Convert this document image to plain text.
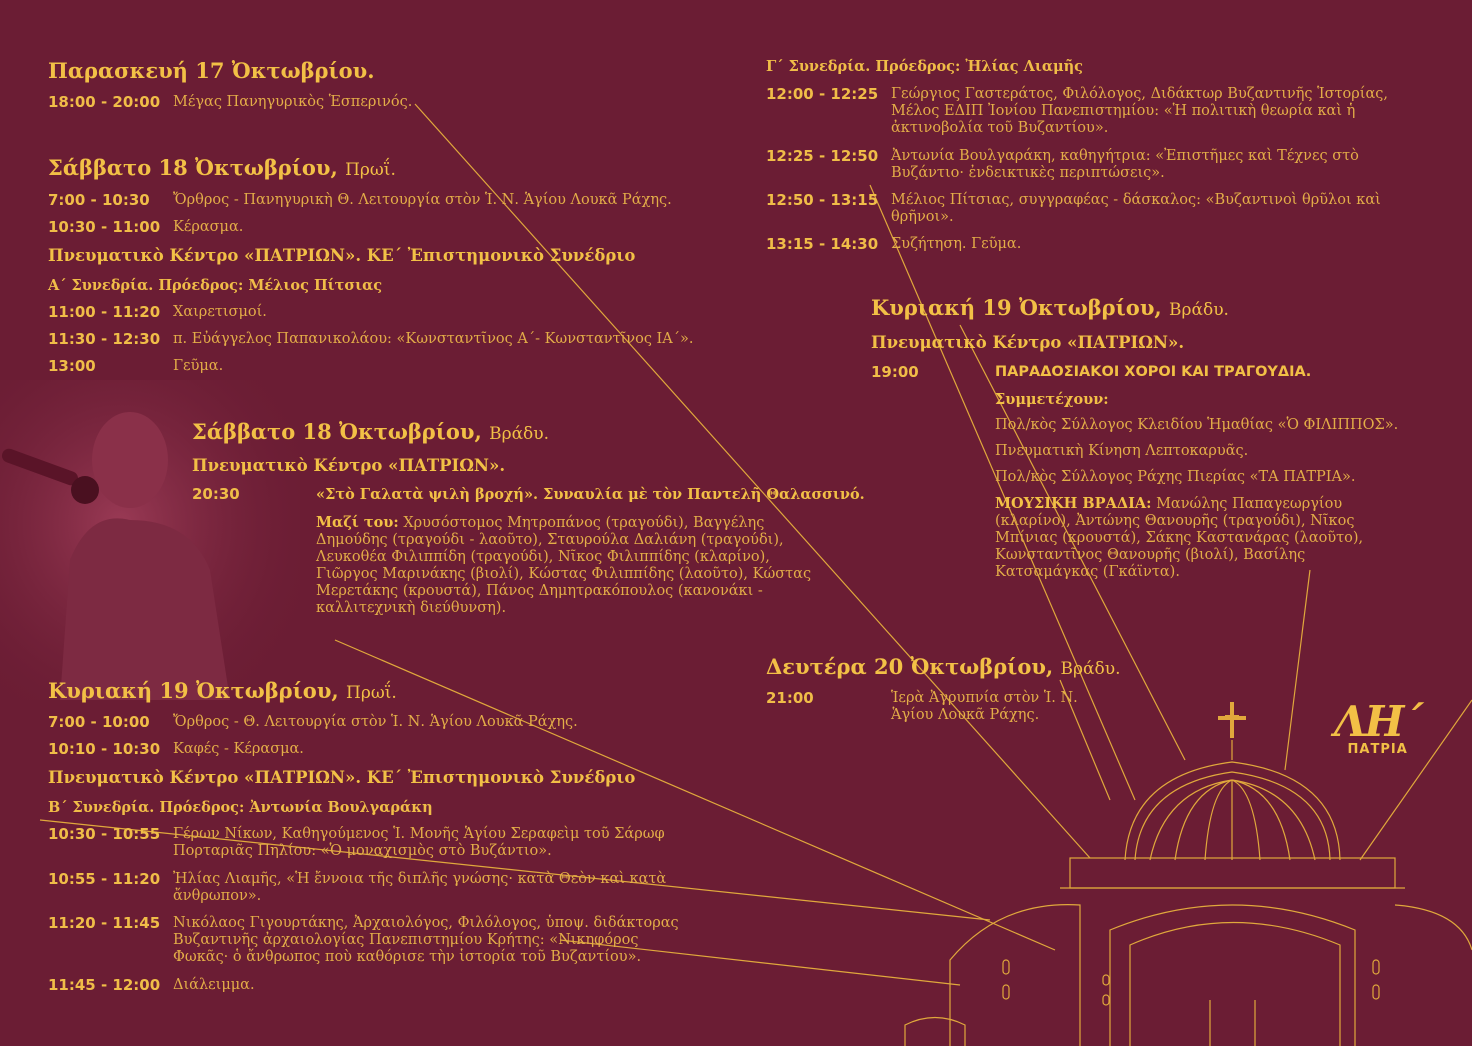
Παρασκευή 17 Ὀκτωβρίου.
18:00 - 20:00 Μέγας Πανηγυρικὸς Ἑσπερινός.
Σάββατο 18 Ὀκτωβρίου, Πρωΐ.
7:00 - 10:30 Ὄρθρος - Πανηγυρικὴ Θ. Λειτουργία στὸν Ἱ. Ν. Ἁγίου Λουκᾶ Ράχης.
10:30 - 11:00 Κέρασμα.
Πνευματικὸ Κέντρο «ΠΑΤΡΙΩΝ». ΚΕ΄ Ἐπιστημονικὸ Συνέδριο
Α΄ Συνεδρία. Πρόεδρος: Μέλιος Πίτσιας
11:00 - 11:20 Χαιρετισμοί.
11:30 - 12:30 π. Εὐάγγελος Παπανικολάου: «Κωνσταντῖνος Α΄- Κωνσταντῖνος ΙΑ΄».
13:00	Γεῦμα.
Σάββατο 18 Ὀκτωβρίου, Βράδυ.
Πνευματικὸ Κέντρο «ΠΑΤΡΙΩΝ».
20:30	«Στὸ Γαλατὰ ψιλὴ βροχή». Συναυλία μὲ τὸν Παντελῆ Θαλασσινό.
Μαζί του: Χρυσόστομος Μητροπάνος (τραγούδι), Βαγγέλης
Δημούδης (τραγούδι - λαοῦτο), Σταυρούλα Δαλιάνη (τραγούδι),
Λευκοθέα Φιλιππίδη (τραγούδι), Νῖκος Φιλιππίδης (κλαρίνο),
Γιῶργος Μαρινάκης (βιολί), Κώστας Φιλιππίδης (λαοῦτο), Κώστας
Μερετάκης (κρουστά), Πάνος Δημητρακόπουλος (κανονάκι -
καλλιτεχνικὴ διεύθυνση).
Κυριακή 19 Ὀκτωβρίου, Πρωΐ.
7:00 - 10:00 Ὄρθρος - Θ. Λειτουργία στὸν Ἱ. Ν. Ἁγίου Λουκᾶ Ράχης.
10:10 - 10:30 Καφές - Κέρασμα.
Πνευματικὸ Κέντρο «ΠΑΤΡΙΩΝ». ΚΕ΄ Ἐπιστημονικὸ Συνέδριο
Β΄ Συνεδρία. Πρόεδρος: Ἀντωνία Βουλγαράκη
10:30 - 10:55 Γέρων Νίκων, Καθηγούμενος Ἱ. Μονῆς Ἁγίου Σεραφεὶμ τοῦ Σάρωφ
Πορταριᾶς Πηλίου: «Ὁ μοναχισμὸς στὸ Βυζάντιο».
10:55 - 11:20 Ἠλίας Λιαμῆς, «Ἡ ἔννοια τῆς διπλῆς γνώσης· κατὰ Θεὸν καὶ κατὰ
ἄνθρωπον».
11:20 - 11:45 Νικόλαος Γιγουρτάκης, Ἀρχαιολόγος, Φιλόλογος, ὑποψ. διδάκτορας
Βυζαντινῆς ἀρχαιολογίας Πανεπιστημίου Κρήτης: «Νικηφόρος
Φωκᾶς· ὁ ἄνθρωπος ποὺ καθόρισε τὴν ἱστορία τοῦ Βυζαντίου».
11:45 - 12:00 Διάλειμμα.
Γ΄ Συνεδρία. Πρόεδρος: Ἠλίας Λιαμῆς
12:00 - 12:25 Γεώργιος Γαστεράτος, Φιλόλογος, Διδάκτωρ Βυζαντινῆς Ἱστορίας,
Μέλος ΕΔΙΠ Ἰονίου Πανεπιστημίου: «Ἡ πολιτικὴ θεωρία καὶ ἡ
ἀκτινοβολία τοῦ Βυζαντίου».
12:25 - 12:50 Ἀντωνία Βουλγαράκη, καθηγήτρια: «Ἐπιστῆμες καὶ Τέχνες στὸ
Βυζάντιο· ἐνδεικτικὲς περιπτώσεις».
12:50 - 13:15 Μέλιος Πίτσιας, συγγραφέας - δάσκαλος: «Βυζαντινοὶ θρῦλοι καὶ
θρῆνοι».
13:15 - 14:30 Συζήτηση. Γεῦμα.
Κυριακή 19 Ὀκτωβρίου, Βράδυ.
Πνευματικὸ Κέντρο «ΠΑΤΡΙΩΝ».
19:00	ΠΑΡΑΔΟΣΙΑΚΟΙ ΧΟΡΟΙ ΚΑΙ ΤΡΑΓΟΥΔΙΑ.
Συμμετέχουν:
Πολ/κὸς Σύλλογος Κλειδίου Ἡμαθίας «Ὁ ΦΙΛΙΠΠΟΣ».
Πνευματικὴ Κίνηση Λεπτοκαρυᾶς.
Πολ/κὸς Σύλλογος Ράχης Πιερίας «ΤΑ ΠΑΤΡΙΑ».
ΜΟΥΣΙΚΗ ΒΡΑΔΙΑ: Μανώλης Παπαγεωργίου
(κλαρίνο), Ἀντώνης Θανουρῆς (τραγούδι), Νῖκος
Μπίνιας (κρουστά), Σάκης Καστανάρας (λαοῦτο),
Κωνσταντῖνος Θανουρῆς (βιολί), Βασίλης
Κατσαμάγκας (Γκάϊντα).
Δευτέρα 20 Ὀκτωβρίου, Βράδυ.
21:00	Ἱερὰ Ἀγρυπνία στὸν Ἱ. Ν.
Ἁγίου Λουκᾶ Ράχης.	ΛΗ΄
ΠΑΤΡΙΑ
